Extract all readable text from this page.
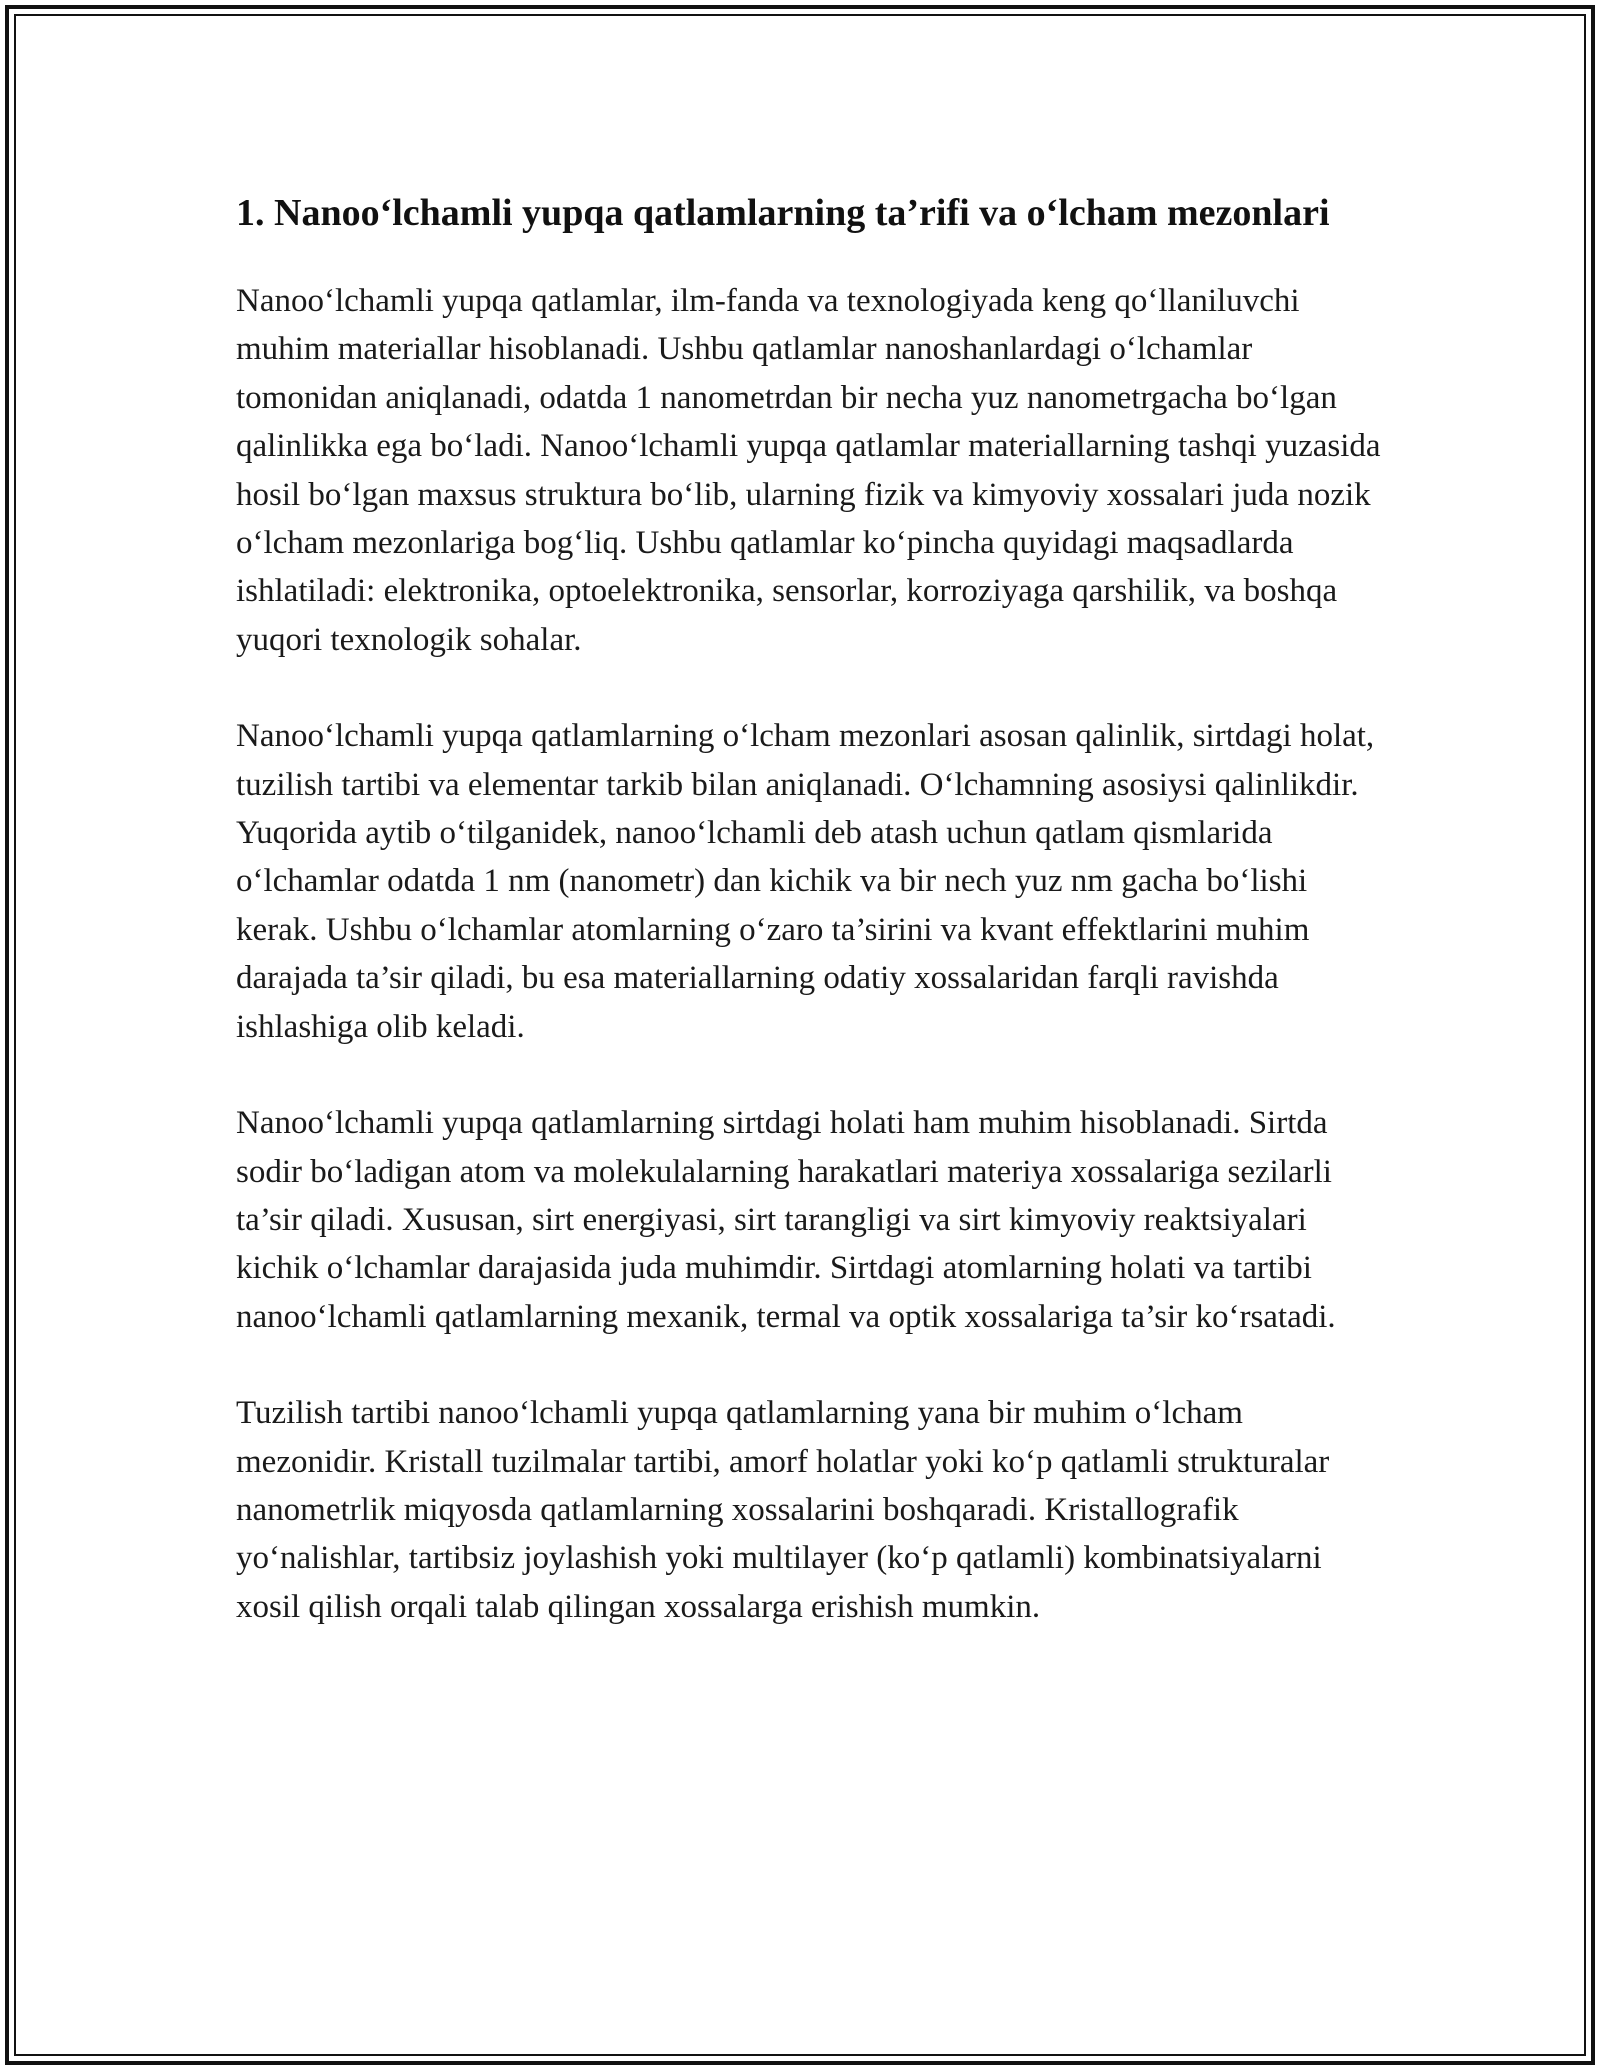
1. Nanoo‘lchamli yupqa qatlamlarning ta’rifi va o‘lcham mezonlari

Nanoo‘lchamli yupqa qatlamlar, ilm-fanda va texnologiyada keng qo‘llaniluvchi muhim materiallar hisoblanadi. Ushbu qatlamlar nanoshanlardagi o‘lchamlar tomonidan aniqlanadi, odatda 1 nanometrdan bir necha yuz nanometrgacha bo‘lgan qalinlikka ega bo‘ladi. Nanoo‘lchamli yupqa qatlamlar materiallarning tashqi yuzasida hosil bo‘lgan maxsus struktura bo‘lib, ularning fizik va kimyoviy xossalari juda nozik o‘lcham mezonlariga bog‘liq. Ushbu qatlamlar ko‘pincha quyidagi maqsadlarda ishlatiladi: elektronika, optoelektronika, sensorlar, korroziyaga qarshilik, va boshqa yuqori texnologik sohalar.

Nanoo‘lchamli yupqa qatlamlarning o‘lcham mezonlari asosan qalinlik, sirtdagi holat, tuzilish tartibi va elementar tarkib bilan aniqlanadi. O‘lchamning asosiysi qalinlikdir. Yuqorida aytib o‘tilganidek, nanoo‘lchamli deb atash uchun qatlam qismlarida o‘lchamlar odatda 1 nm (nanometr) dan kichik va bir nech yuz nm gacha bo‘lishi kerak. Ushbu o‘lchamlar atomlarning o‘zaro ta’sirini va kvant effektlarini muhim darajada ta’sir qiladi, bu esa materiallarning odatiy xossalaridan farqli ravishda ishlashiga olib keladi.

Nanoo‘lchamli yupqa qatlamlarning sirtdagi holati ham muhim hisoblanadi. Sirtda sodir bo‘ladigan atom va molekulalarning harakatlari materiya xossalariga sezilarli ta’sir qiladi. Xususan, sirt energiyasi, sirt tarangligi va sirt kimyoviy reaktsiyalari kichik o‘lchamlar darajasida juda muhimdir. Sirtdagi atomlarning holati va tartibi nanoo‘lchamli qatlamlarning mexanik, termal va optik xossalariga ta’sir ko‘rsatadi.

Tuzilish tartibi nanoo‘lchamli yupqa qatlamlarning yana bir muhim o‘lcham mezonidir. Kristall tuzilmalar tartibi, amorf holatlar yoki ko‘p qatlamli strukturalar nanometrlik miqyosda qatlamlarning xossalarini boshqaradi. Kristallografik yo‘nalishlar, tartibsiz joylashish yoki multilayer (ko‘p qatlamli) kombinatsiyalarni xosil qilish orqali talab qilingan xossalarga erishish mumkin.
